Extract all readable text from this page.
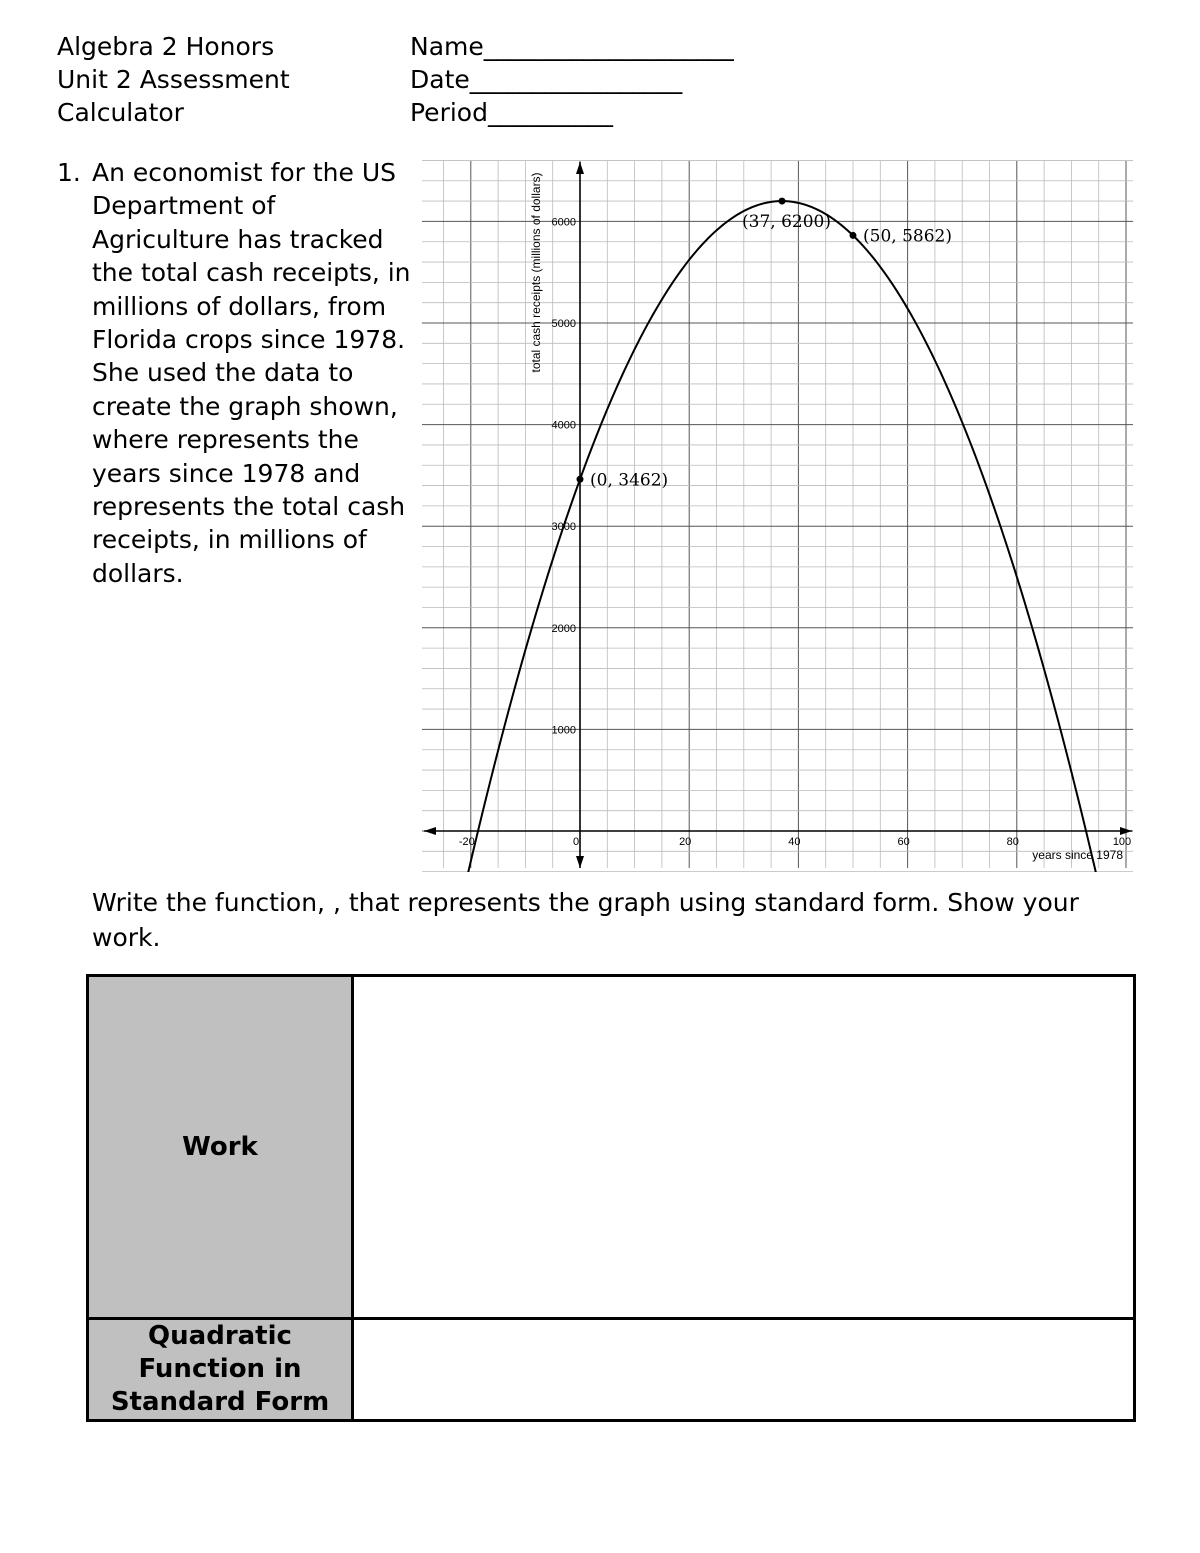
Algebra 2 Honors
Unit 2 Assessment
Calculator
Name____________________
Date_________________
Period__________
1. An economist for the US Department of Agriculture has tracked the total cash receipts, in millions of dollars, from Florida crops since 1978. She used the data to create the graph shown, where represents the years since 1978 and represents the total cash receipts, in millions of dollars.
-20	0	20	40	60	80	100
1000
2000
3000
4000
5000
6000
years since 1978
total cash receipts (millions of dollars)
(0, 3462)
(37, 6200)
(50, 5862)
Write the function, , that represents the graph using standard form. Show your work.
Work	
Quadratic Function in Standard Form	
